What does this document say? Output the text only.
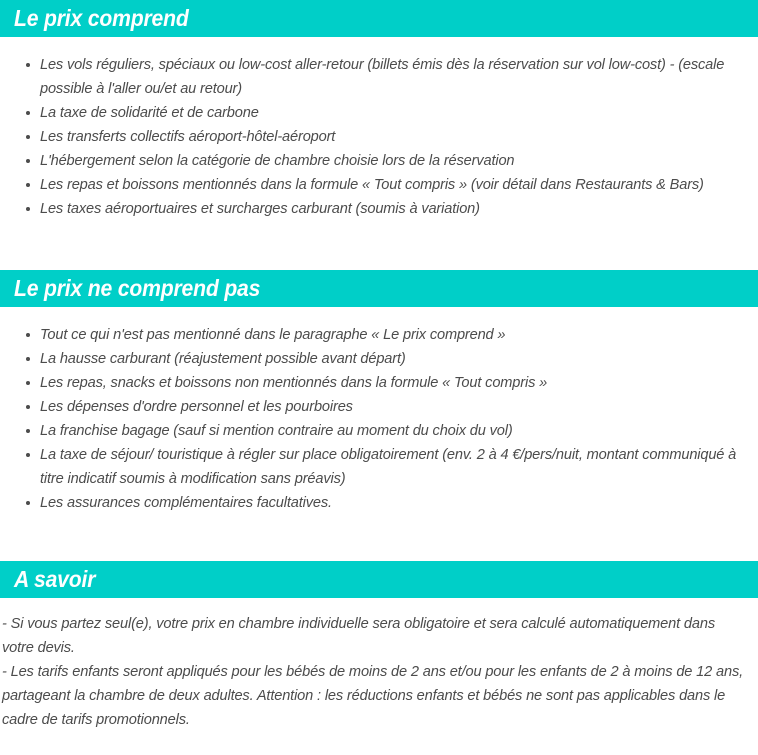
Le prix comprend
Les vols réguliers, spéciaux ou low-cost aller-retour (billets émis dès la réservation sur vol low-cost) - (escale possible à l'aller ou/et au retour)
La taxe de solidarité et de carbone
Les transferts collectifs aéroport-hôtel-aéroport
L'hébergement selon la catégorie de chambre choisie lors de la réservation
Les repas et boissons mentionnés dans la formule « Tout compris » (voir détail dans Restaurants & Bars)
Les taxes aéroportuaires et surcharges carburant (soumis à variation)
Le prix ne comprend pas
Tout ce qui n'est pas mentionné dans le paragraphe « Le prix comprend »
La hausse carburant (réajustement possible avant départ)
Les repas, snacks et boissons non mentionnés dans la formule « Tout compris »
Les dépenses d'ordre personnel et les pourboires
La franchise bagage (sauf si mention contraire au moment du choix du vol)
La taxe de séjour/ touristique à régler sur place obligatoirement (env. 2 à 4 €/pers/nuit, montant communiqué à titre indicatif soumis à modification sans préavis)
Les assurances complémentaires facultatives.
A savoir

- Si vous partez seul(e), votre prix en chambre individuelle sera obligatoire et sera calculé automatiquement dans votre devis.

- Les tarifs enfants seront appliqués pour les bébés de moins de 2 ans et/ou pour les enfants de 2 à moins de 12 ans, partageant la chambre de deux adultes. Attention : les réductions enfants et bébés ne sont pas applicables dans le cadre de tarifs promotionnels.
